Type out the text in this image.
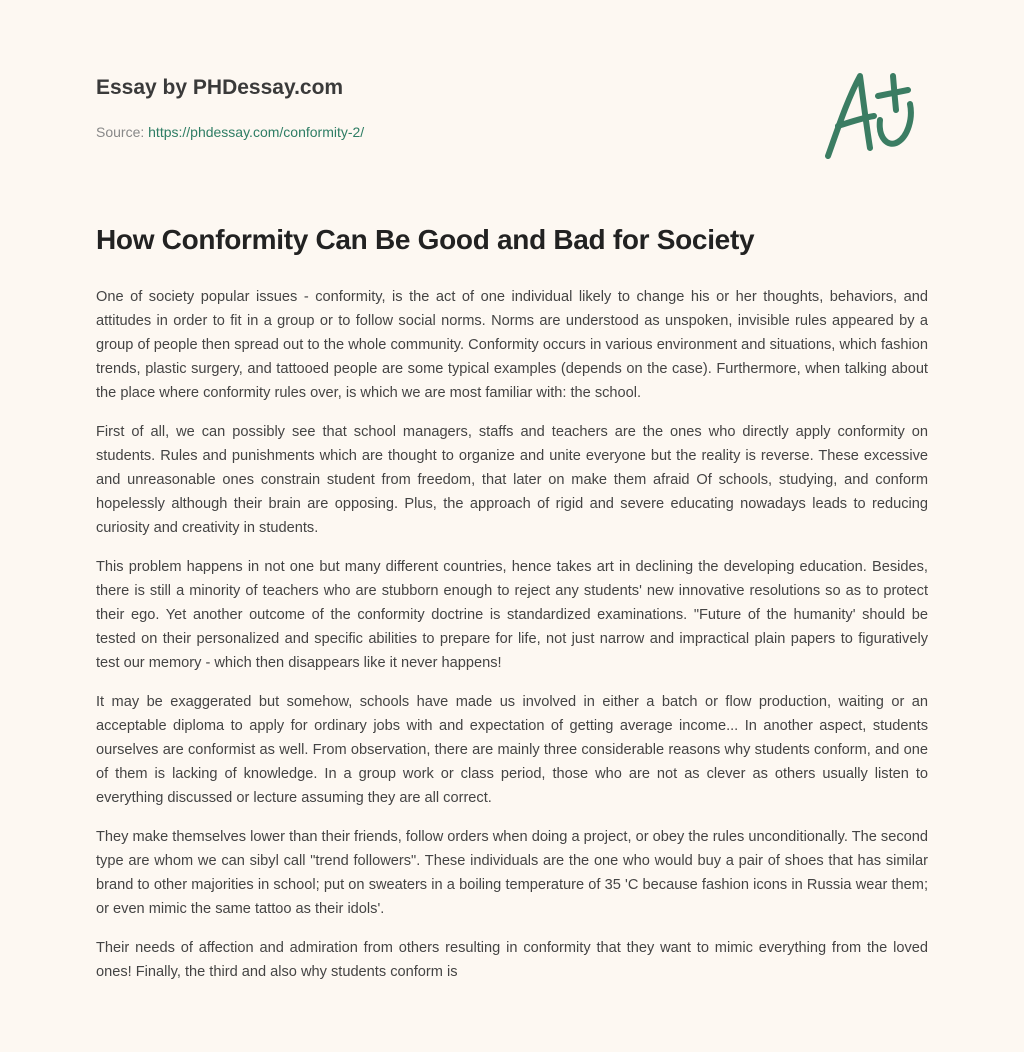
Essay by PHDessay.com
Source: https://phdessay.com/conformity-2/
How Conformity Can Be Good and Bad for Society

One of society popular issues - conformity, is the act of one individual likely to change his or her thoughts, behaviors, and attitudes in order to fit in a group or to follow social norms. Norms are understood as unspoken, invisible rules appeared by a group of people then spread out to the whole community. Conformity occurs in various environment and situations, which fashion trends, plastic surgery, and tattooed people are some typical examples (depends on the case). Furthermore, when talking about the place where conformity rules over, is which we are most familiar with: the school.

First of all, we can possibly see that school managers, staffs and teachers are the ones who directly apply conformity on students. Rules and punishments which are thought to organize and unite everyone but the reality is reverse. These excessive and unreasonable ones constrain student from freedom, that later on make them afraid Of schools, studying, and conform hopelessly although their brain are opposing. Plus, the approach of rigid and severe educating nowadays leads to reducing curiosity and creativity in students.

This problem happens in not one but many different countries, hence takes art in declining the developing education. Besides, there is still a minority of teachers who are stubborn enough to reject any students' new innovative resolutions so as to protect their ego. Yet another outcome of the conformity doctrine is standardized examinations. "Future of the humanity' should be tested on their personalized and specific abilities to prepare for life, not just narrow and impractical plain papers to figuratively test our memory - which then disappears like it never happens!

It may be exaggerated but somehow, schools have made us involved in either a batch or flow production, waiting or an acceptable diploma to apply for ordinary jobs with and expectation of getting average income... In another aspect, students ourselves are conformist as well. From observation, there are mainly three considerable reasons why students conform, and one of them is lacking of knowledge. In a group work or class period, those who are not as clever as others usually listen to everything discussed or lecture assuming they are all correct.

They make themselves lower than their friends, follow orders when doing a project, or obey the rules unconditionally. The second type are whom we can sibyl call "trend followers". These individuals are the one who would buy a pair of shoes that has similar brand to other majorities in school; put on sweaters in a boiling temperature of 35 'C because fashion icons in Russia wear them; or even mimic the same tattoo as their idols'.

Their needs of affection and admiration from others resulting in conformity that they want to mimic everything from the loved ones! Finally, the third and also why students conform is
